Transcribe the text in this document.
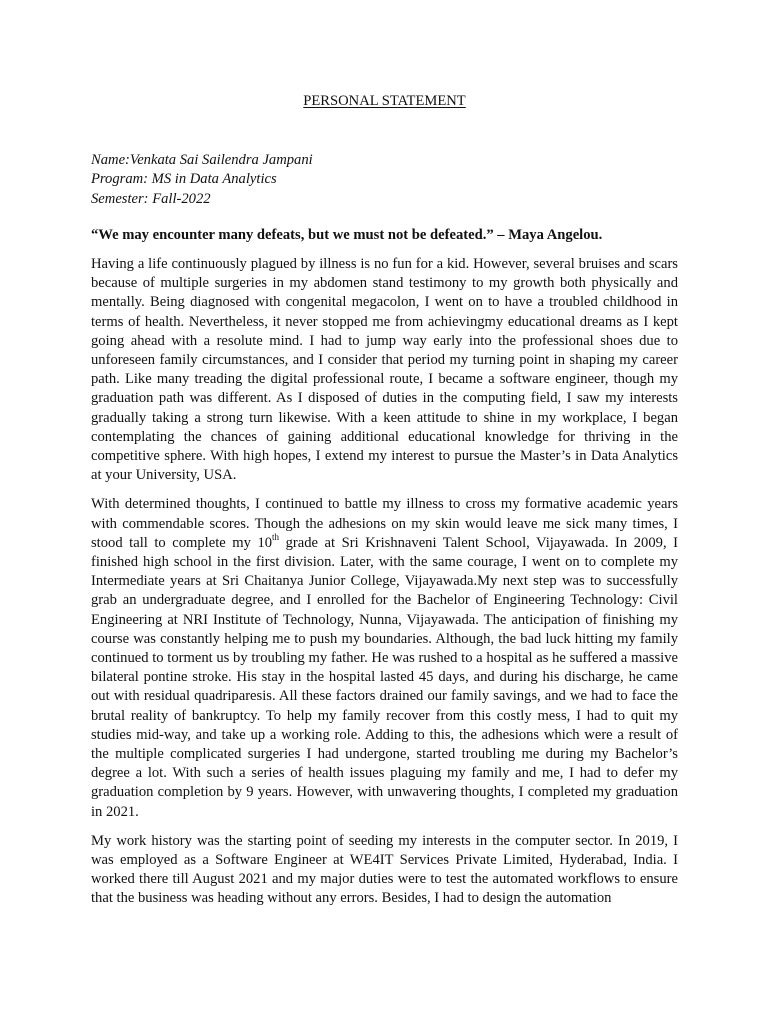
PERSONAL STATEMENT
Name:Venkata Sai Sailendra Jampani
Program: MS in Data Analytics
Semester: Fall-2022
“We may encounter many defeats, but we must not be defeated.” – Maya Angelou.

Having a life continuously plagued by illness is no fun for a kid. However, several bruises and scars because of multiple surgeries in my abdomen stand testimony to my growth both physically and mentally. Being diagnosed with congenital megacolon, I went on to have a troubled childhood in terms of health. Nevertheless, it never stopped me from achievingmy educational dreams as I kept going ahead with a resolute mind. I had to jump way early into the professional shoes due to unforeseen family circumstances, and I consider that period my turning point in shaping my career path. Like many treading the digital professional route, I became a software engineer, though my graduation path was different. As I disposed of duties in the computing field, I saw my interests gradually taking a strong turn likewise. With a keen attitude to shine in my workplace, I began contemplating the chances of gaining additional educational knowledge for thriving in the competitive sphere. With high hopes, I extend my interest to pursue the Master’s in Data Analytics at your University, USA.

With determined thoughts, I continued to battle my illness to cross my formative academic years with commendable scores. Though the adhesions on my skin would leave me sick many times, I stood tall to complete my 10th grade at Sri Krishnaveni Talent School, Vijayawada. In 2009, I finished high school in the first division. Later, with the same courage, I went on to complete my Intermediate years at Sri Chaitanya Junior College, Vijayawada.My next step was to successfully grab an undergraduate degree, and I enrolled for the Bachelor of Engineering Technology: Civil Engineering at NRI Institute of Technology, Nunna, Vijayawada. The anticipation of finishing my course was constantly helping me to push my boundaries. Although, the bad luck hitting my family continued to torment us by troubling my father. He was rushed to a hospital as he suffered a massive bilateral pontine stroke. His stay in the hospital lasted 45 days, and during his discharge, he came out with residual quadriparesis. All these factors drained our family savings, and we had to face the brutal reality of bankruptcy. To help my family recover from this costly mess, I had to quit my studies mid-way, and take up a working role. Adding to this, the adhesions which were a result of the multiple complicated surgeries I had undergone, started troubling me during my Bachelor’s degree a lot. With such a series of health issues plaguing my family and me, I had to defer my graduation completion by 9 years. However, with unwavering thoughts, I completed my graduation in 2021.

My work history was the starting point of seeding my interests in the computer sector. In 2019, I was employed as a Software Engineer at WE4IT Services Private Limited, Hyderabad, India. I worked there till August 2021 and my major duties were to test the automated workflows to ensure that the business was heading without any errors. Besides, I had to design the automation
